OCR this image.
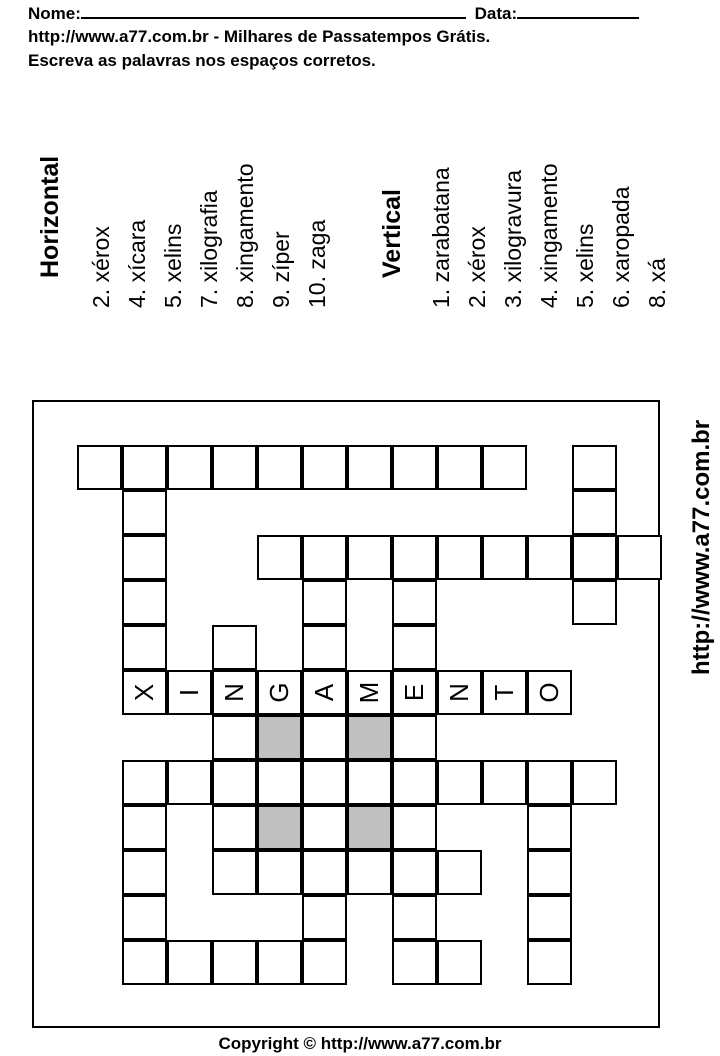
Nome:	Data:
http://www.a77.com.br - Milhares de Passatempos Grátis.
Escreva as palavras nos espaços corretos.
Horizontal 2. xérox 4. xícara 5. xelins 7. xilografia 8. xingamento 9. zíper 10. zaga Vertical 1. zarabatana 2. xérox 3. xilogravura 4. xingamento 5. xelins 6. xaropada 8. xá
X I N G A M E N T O
http://www.a77.com.br
Copyright © http://www.a77.com.br
